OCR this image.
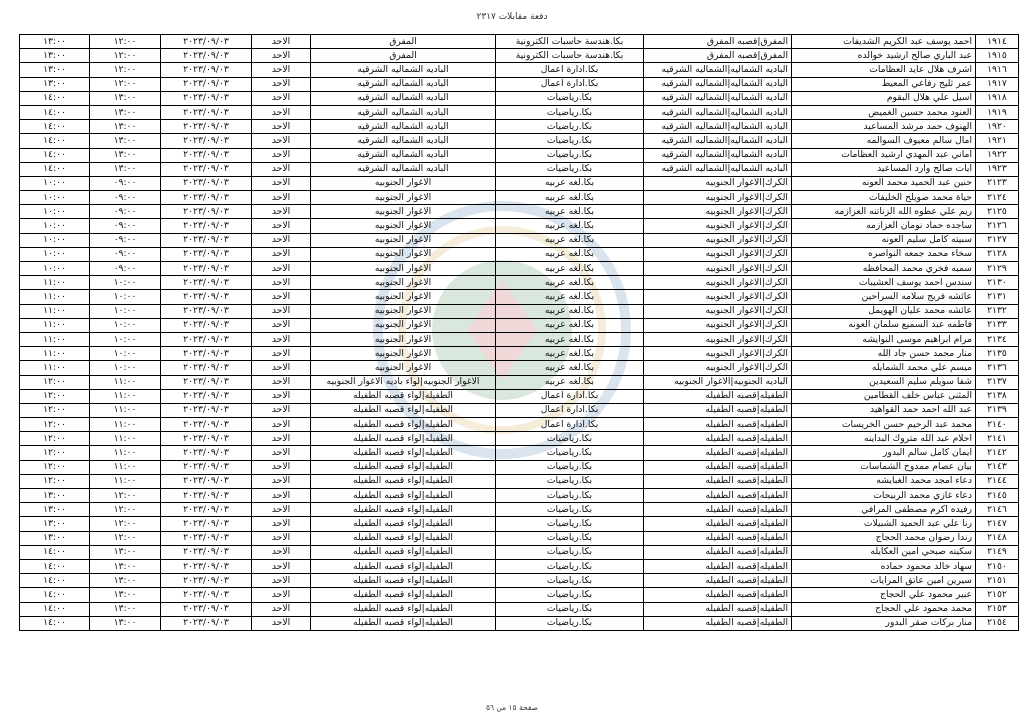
دفعة مقابلات ٢٣١٧
١٩١٤	احمد يوسف عبد الكريم الشديفات	المفرق|قصبه المفرق	بكا.هندسة حاسبات الكترونية	المفرق	الاحد	٢٠٢٣/٠٩/٠٣	١٢:٠٠	١٣:٠٠
١٩١٥	عبد الباري صالح ارشيد خوالده	المفرق|قصبه المفرق	بكا.هندسة حاسبات الكترونية	المفرق	الاحد	٢٠٢٣/٠٩/٠٣	١٢:٠٠	١٣:٠٠
١٩١٦	اشرف هلال عايد العظامات	الباديه الشماليه|الشماليه الشرقيه	بكا.ادارة اعمال	الباديه الشماليه الشرقيه	الاحد	٢٠٢٣/٠٩/٠٣	١٢:٠٠	١٣:٠٠
١٩١٧	عمر ثليج رفاعي المعيط	الباديه الشماليه|الشماليه الشرقيه	بكا.ادارة اعمال	الباديه الشماليه الشرقيه	الاحد	٢٠٢٣/٠٩/٠٣	١٢:٠٠	١٣:٠٠
١٩١٨	اسيل علي هلال البقوم	الباديه الشماليه|الشماليه الشرقيه	بكا.رياضيات	الباديه الشماليه الشرقيه	الاحد	٢٠٢٣/٠٩/٠٣	١٣:٠٠	١٤:٠٠
١٩١٩	العنود محمد حسين الغميض	الباديه الشماليه|الشماليه الشرقيه	بكا.رياضيات	الباديه الشماليه الشرقيه	الاحد	٢٠٢٣/٠٩/٠٣	١٣:٠٠	١٤:٠٠
١٩٢٠	الهنوف حمد مرشد المساعيد	الباديه الشماليه|الشماليه الشرقيه	بكا.رياضيات	الباديه الشماليه الشرقيه	الاحد	٢٠٢٣/٠٩/٠٣	١٣:٠٠	١٤:٠٠
١٩٢١	امال سالم معيوف السوالمه	الباديه الشماليه|الشماليه الشرقيه	بكا.رياضيات	الباديه الشماليه الشرقيه	الاحد	٢٠٢٣/٠٩/٠٣	١٣:٠٠	١٤:٠٠
١٩٢٢	اماني عبد المهدي ارشيد العظامات	الباديه الشماليه|الشماليه الشرقيه	بكا.رياضيات	الباديه الشماليه الشرقيه	الاحد	٢٠٢٣/٠٩/٠٣	١٣:٠٠	١٤:٠٠
١٩٢٣	ايات صالح وارد المساعيد	الباديه الشماليه|الشماليه الشرقيه	بكا.رياضيات	الباديه الشماليه الشرقيه	الاحد	٢٠٢٣/٠٩/٠٣	١٣:٠٠	١٤:٠٠
٢١٢٣	حنين عبد الحميد محمد العونه	الكرك|الاغوار الجنوبيه	بكا.لغه عربيه	الاغوار الجنوبيه	الاحد	٢٠٢٣/٠٩/٠٣	٠٩:٠٠	١٠:٠٠
٢١٢٤	حياة محمد صويلح الخليفات	الكرك|الاغوار الجنوبيه	بكا.لغه عربيه	الاغوار الجنوبيه	الاحد	٢٠٢٣/٠٩/٠٣	٠٩:٠٠	١٠:٠٠
٢١٢٥	ريم علي عطوه الله الزناتنه العزازمه	الكرك|الاغوار الجنوبيه	بكا.لغه عربيه	الاغوار الجنوبيه	الاحد	٢٠٢٣/٠٩/٠٣	٠٩:٠٠	١٠:٠٠
٢١٢٦	ساجده حماد نومان العزازمه	الكرك|الاغوار الجنوبيه	بكا.لغه عربيه	الاغوار الجنوبيه	الاحد	٢٠٢٣/٠٩/٠٣	٠٩:٠٠	١٠:٠٠
٢١٢٧	سبيته كامل سليم العونه	الكرك|الاغوار الجنوبيه	بكا.لغه عربيه	الاغوار الجنوبيه	الاحد	٢٠٢٣/٠٩/٠٣	٠٩:٠٠	١٠:٠٠
٢١٢٨	سخاء محمد جمعه النواصره	الكرك|الاغوار الجنوبيه	بكا.لغه عربيه	الاغوار الجنوبيه	الاحد	٢٠٢٣/٠٩/٠٣	٠٩:٠٠	١٠:٠٠
٢١٢٩	سميه فخري محمد المحافظه	الكرك|الاغوار الجنوبيه	بكا.لغه عربيه	الاغوار الجنوبيه	الاحد	٢٠٢٣/٠٩/٠٣	٠٩:٠٠	١٠:٠٠
٢١٣٠	سندس احمد يوسف العشيبات	الكرك|الاغوار الجنوبيه	بكا.لغه عربيه	الاغوار الجنوبيه	الاحد	٢٠٢٣/٠٩/٠٣	١٠:٠٠	١١:٠٠
٢١٣١	عائشه فريج سلامه السراحين	الكرك|الاغوار الجنوبيه	بكا.لغه عربيه	الاغوار الجنوبيه	الاحد	٢٠٢٣/٠٩/٠٣	١٠:٠٠	١١:٠٠
٢١٣٢	عائشه محمد عليان الهويمل	الكرك|الاغوار الجنوبيه	بكا.لغه عربيه	الاغوار الجنوبيه	الاحد	٢٠٢٣/٠٩/٠٣	١٠:٠٠	١١:٠٠
٢١٣٣	فاطمه عبد السميع سلمان العونه	الكرك|الاغوار الجنوبيه	بكا.لغه عربيه	الاغوار الجنوبيه	الاحد	٢٠٢٣/٠٩/٠٣	١٠:٠٠	١١:٠٠
٢١٣٤	مرام ابراهيم موسى النوايشه	الكرك|الاغوار الجنوبيه	بكا.لغه عربيه	الاغوار الجنوبيه	الاحد	٢٠٢٣/٠٩/٠٣	١٠:٠٠	١١:٠٠
٢١٣٥	منار محمد حسن جاد الله	الكرك|الاغوار الجنوبيه	بكا.لغه عربيه	الاغوار الجنوبيه	الاحد	٢٠٢٣/٠٩/٠٣	١٠:٠٠	١١:٠٠
٢١٣٦	ميسم علي محمد الشمايله	الكرك|الاغوار الجنوبيه	بكا.لغه عربيه	الاغوار الجنوبيه	الاحد	٢٠٢٣/٠٩/٠٣	١٠:٠٠	١١:٠٠
٢١٣٧	شفا سويلم سليم السعيدين	الباديه الجنوبيه|الاغوار الجنوبيه	بكا.لغه عربيه	الاغوار الجنوبيه|لواء باديه الاغوار الجنوبيه	الاحد	٢٠٢٣/٠٩/٠٣	١١:٠٠	١٢:٠٠
٢١٣٨	المثنى عباس خلف القطامين	الطفيله|قصبه الطفيله	بكا.ادارة اعمال	الطفيله|لواء قصبه الطفيله	الاحد	٢٠٢٣/٠٩/٠٣	١١:٠٠	١٢:٠٠
٢١٣٩	عبد الله احمد حمد القواهيد	الطفيله|قصبه الطفيله	بكا.ادارة اعمال	الطفيله|لواء قصبه الطفيله	الاحد	٢٠٢٣/٠٩/٠٣	١١:٠٠	١٢:٠٠
٢١٤٠	محمد عبد الرحيم حسن الخريسات	الطفيله|قصبه الطفيله	بكا.ادارة اعمال	الطفيله|لواء قصبه الطفيله	الاحد	٢٠٢٣/٠٩/٠٣	١١:٠٠	١٢:٠٠
٢١٤١	احلام عبد الله متروك البداينه	الطفيله|قصبه الطفيله	بكا.رياضيات	الطفيله|لواء قصبه الطفيله	الاحد	٢٠٢٣/٠٩/٠٣	١١:٠٠	١٢:٠٠
٢١٤٢	ايمان كامل سالم البدور	الطفيله|قصبه الطفيله	بكا.رياضيات	الطفيله|لواء قصبه الطفيله	الاحد	٢٠٢٣/٠٩/٠٣	١١:٠٠	١٢:٠٠
٢١٤٣	بيان عصام ممدوح الشماسات	الطفيله|قصبه الطفيله	بكا.رياضيات	الطفيله|لواء قصبه الطفيله	الاحد	٢٠٢٣/٠٩/٠٣	١١:٠٠	١٢:٠٠
٢١٤٤	دعاء امجد محمد الغبايشه	الطفيله|قصبه الطفيله	بكا.رياضيات	الطفيله|لواء قصبه الطفيله	الاحد	٢٠٢٣/٠٩/٠٣	١١:٠٠	١٢:٠٠
٢١٤٥	دعاء غازي محمد الربيحات	الطفيله|قصبه الطفيله	بكا.رياضيات	الطفيله|لواء قصبه الطفيله	الاحد	٢٠٢٣/٠٩/٠٣	١٢:٠٠	١٣:٠٠
٢١٤٦	رفيده اكرم مصطفى المرافي	الطفيله|قصبه الطفيله	بكا.رياضيات	الطفيله|لواء قصبه الطفيله	الاحد	٢٠٢٣/٠٩/٠٣	١٢:٠٠	١٣:٠٠
٢١٤٧	رنا علي عبد الحميد الشبيلات	الطفيله|قصبه الطفيله	بكا.رياضيات	الطفيله|لواء قصبه الطفيله	الاحد	٢٠٢٣/٠٩/٠٣	١٢:٠٠	١٣:٠٠
٢١٤٨	رندا رضوان محمد الحجاج	الطفيله|قصبه الطفيله	بكا.رياضيات	الطفيله|لواء قصبه الطفيله	الاحد	٢٠٢٣/٠٩/٠٣	١٢:٠٠	١٣:٠٠
٢١٤٩	سكينه صبحي امين العكايله	الطفيله|قصبه الطفيله	بكا.رياضيات	الطفيله|لواء قصبه الطفيله	الاحد	٢٠٢٣/٠٩/٠٣	١٣:٠٠	١٤:٠٠
٢١٥٠	سهاد خالد محمود حماده	الطفيله|قصبه الطفيله	بكا.رياضيات	الطفيله|لواء قصبه الطفيله	الاحد	٢٠٢٣/٠٩/٠٣	١٣:٠٠	١٤:٠٠
٢١٥١	سيرين امين عاتق المرايات	الطفيله|قصبه الطفيله	بكا.رياضيات	الطفيله|لواء قصبه الطفيله	الاحد	٢٠٢٣/٠٩/٠٣	١٣:٠٠	١٤:٠٠
٢١٥٢	عبير محمود علي الحجاج	الطفيله|قصبه الطفيله	بكا.رياضيات	الطفيله|لواء قصبه الطفيله	الاحد	٢٠٢٣/٠٩/٠٣	١٣:٠٠	١٤:٠٠
٢١٥٣	محمد محمود علي الحجاج	الطفيله|قصبه الطفيله	بكا.رياضيات	الطفيله|لواء قصبه الطفيله	الاحد	٢٠٢٣/٠٩/٠٣	١٣:٠٠	١٤:٠٠
٢١٥٤	منار بركات صقر البدور	الطفيله|قصبه الطفيله	بكا.رياضيات	الطفيله|لواء قصبه الطفيله	الاحد	٢٠٢٣/٠٩/٠٣	١٣:٠٠	١٤:٠٠
صفحة ١٥ من ٥٦
